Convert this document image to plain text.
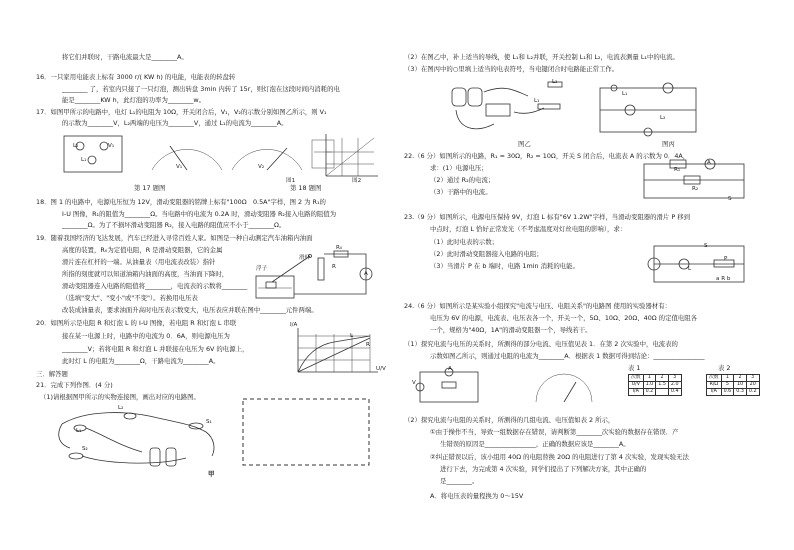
将它们并联时，干路电流最大是________A。
16．一只家用电能表上标有 3000 r/( KW h) 的电能，电能表的转盘转
________ 了，若室内只接了一只灯泡，测出转盘 3min 内转了 15r，则灯泡在这段时间内消耗的电
能是________KW h，此灯泡的功率为________w。
17．如图甲所示的电路中，电灯 L₁的电阻为 10Ω，开关闭合后，V₁，V₂的示数分别如图乙所示，则 V₁
的示数为________V，L₂两端的电压为________V，通过 L₁的电流为________A。
L₂	V₁
L₁
V₁	V₂
图1	图2
第 17 题图	第 18 题图
18．图 1 的电路中，电源电压恒为 12V，滑动变阻器的铭牌上标有"100Ω　0.5A"字样，图 2 为 R₁的
I-U 图像，R₁的阻值为________Ω。当电路中的电流为 0.2A 时，滑动变阻器 R₂接入电路的阻值为
________Ω。为了不损坏滑动变阻器 R₂，接入电路的阻值应不小于________Ω。
19．随着我国经济的飞达发展，汽车已经进入寻常百姓人家。如图是一种自动测定汽车油箱内油面
高度的装置，R₀为定值电阻，R 是滑动变阻器，它的金属
滑片连在杠杆的一端。从油量表（用电流表改装）指针
所指的刻度就可以知道油箱内油面的高度，当油面下降时，
滑动变阻器连入电路的阻值将________，电流表的示数将________
（选填"变大"、"变小"或"不变"）。若换用电压表
改装成油量表，要求油面升高时电压表示数变大，电压表应并联在图中________元件两端。
浮子
滑杆
R
R₀
A
20．如图所示是电阻 R 和灯泡 L 的 I-U 图像，若电阻 R 和灯泡 L 串联
接在某一电源上时，电路中的电流为 0．6A，则电源电压为
________V；若将电阻 R 和灯泡 L 并联接在电压为 6V 的电源上，
此时灯 L 的电阻为________Ω，干路电流为________A。
I/A
U/V
L
R
三．解答题
21．完成下列作图．(4 分)
（1)请根据图甲所示的实物连接图，画出对应的电路图。
L₂
L₁
S₁
S₂
甲
（2）在图乙中，补上适当的导线，使 L₁和 L₂并联，开关控制 L₁和 L₂，电流表测量 L₁中的电流。
（3）在图丙中的○里填上适当的电表符号，当电键闭合时电路能正常工作。
L₁
L₂
图乙
L₁
L₂
图丙
22.（6 分）如图所示的电路，R₁ = 30Ω，R₂ = 10Ω，开关 S 闭合后，电流表 A 的示数为 0．4A，
求：(1）电源电压；
（2）通过 R₂的电流；
（3）干路中的电流。
R₁
A
R₂
S
23.（9 分）如图所示，电源电压保持 9V，灯泡 L 标有"6V 1.2W"字样，当滑动变阻器的滑片 P 移到
中点时，灯泡 L 恰好正常发光（不考虑温度对灯丝电阻的影响），求：
（1）此时电表的示数；
（2）此时滑动变阻器接入电路的电阻；
（3）当滑片 P 在 b 端时，电路 1min 消耗的电能。
S
L
P
a R b
24.（6 分）如图所示是某实验小组探究"电流与电压、电阻关系"的电路图 使用的实验器材有：
电压为 6V 的电源，电流表、电压表各一个，开关一个，5Ω、10Ω、20Ω、40Ω 的定值电阻各
一个，规格为"40Ω，1A"的滑动变阻器一个，导线若干。
（1）探究电流与电压的关系时，所测得的部分电流、电压值见表 1．在第 2 次实验中，电流表的
示数如图乙所示，则通过电阻的电流为________A．根据表 1 数据可得到结论：________________
表 1	表 2
V
A
次数	1	2	3
U/V	1.0	1.5	2.0
I/A	0.2		0.4
次数	1	2	3
R/Ω	5	10	20
I/A	0.6	0.3	0.2
（2）探究电流与电阻的关系时，所测得的几组电流、电压值如表 2 所示，
①由于操作不当，导致一组数据存在错误，请判断第________次实验的数据存在错误．产
生错误的原因是________________，正确的数据应该是________A。
②纠正错误以后，该小组用 40Ω 的电阻替换 20Ω 的电阻进行了第 4 次实验，发现实验无法
进行下去，为完成第 4 次实验，同学们提出了下列解决方案，其中正确的
是________。
A．将电压表的量程换为 0～15V
